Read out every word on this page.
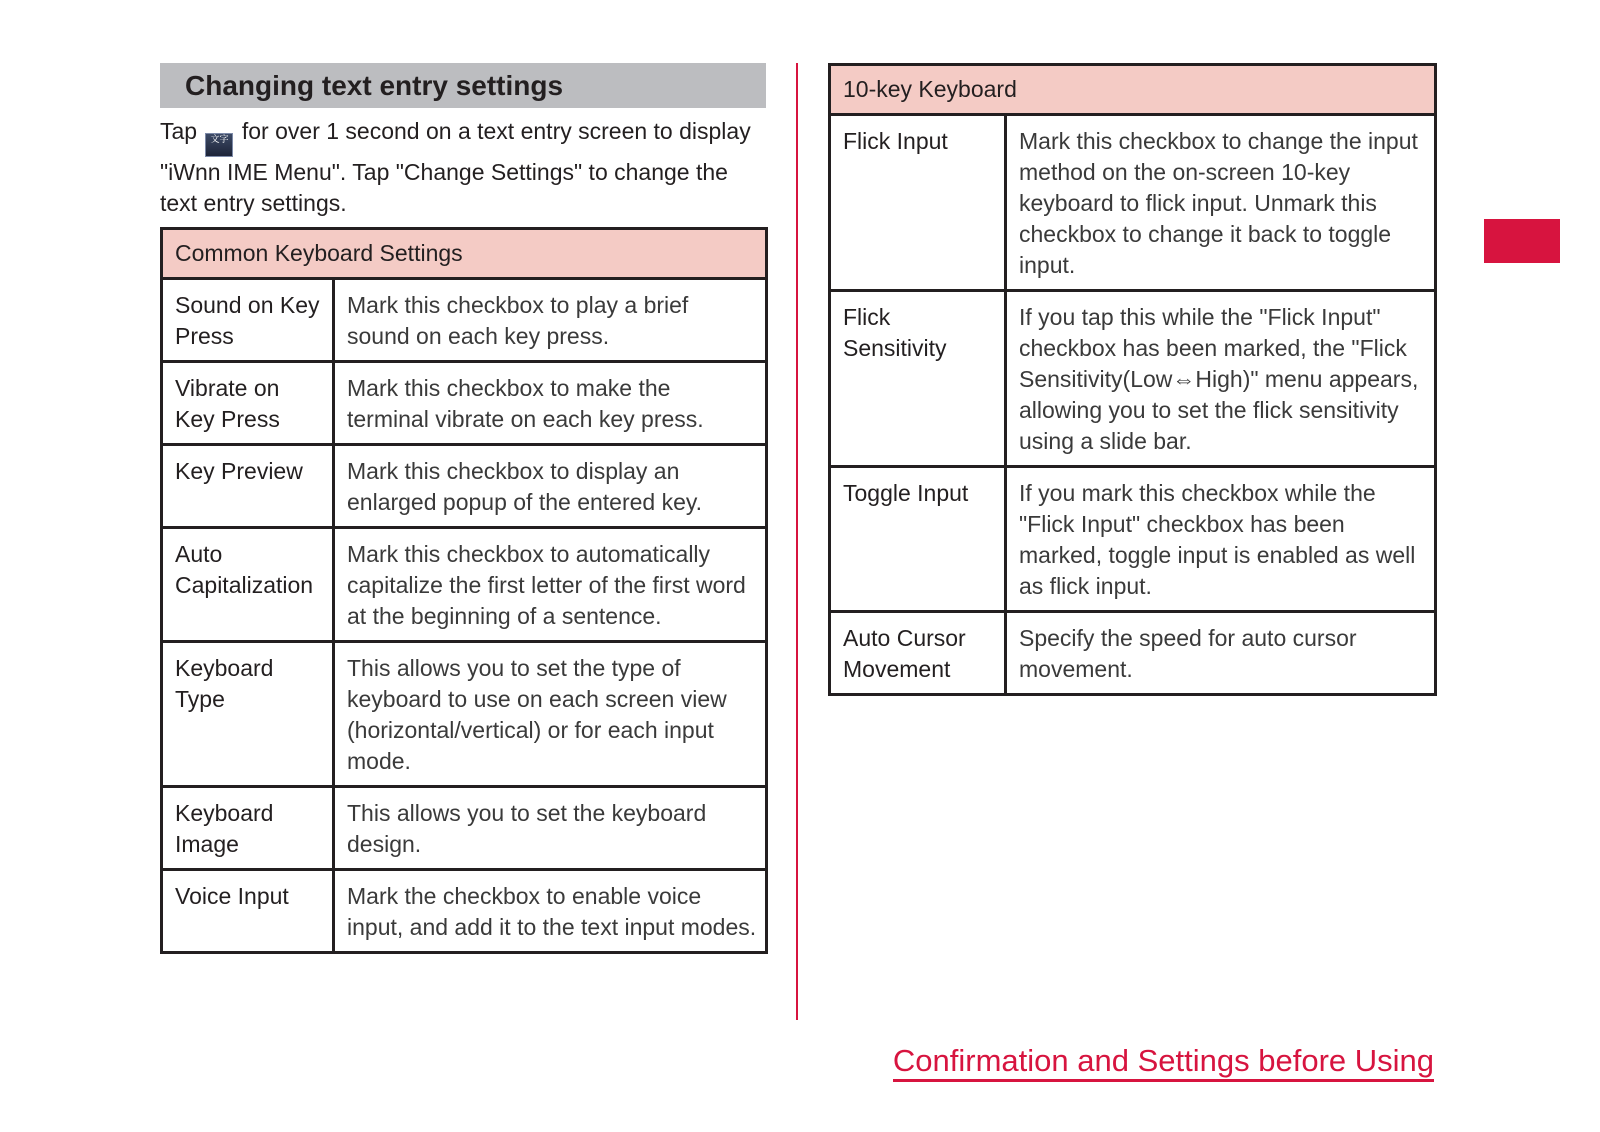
Changing text entry settings
Tap 文字 for over 1 second on a text entry screen to display "iWnn IME Menu". Tap "Change Settings" to change the text entry settings.
Common Keyboard Settings	
Sound on Key Press	Mark this checkbox to play a brief sound on each key press.
Vibrate on Key Press	Mark this checkbox to make the terminal vibrate on each key press.
Key Preview	Mark this checkbox to display an enlarged popup of the entered key.
Auto Capitalization	Mark this checkbox to automatically capitalize the first letter of the first word at the beginning of a sentence.
Keyboard Type	This allows you to set the type of keyboard to use on each screen view (horizontal/vertical) or for each input mode.
Keyboard Image	This allows you to set the keyboard design.
Voice Input	Mark the checkbox to enable voice input, and add it to the text input modes.
10-key Keyboard	
Flick Input	Mark this checkbox to change the input method on the on-screen 10-key keyboard to flick input. Unmark this checkbox to change it back to toggle input.
Flick Sensitivity	If you tap this while the "Flick Input" checkbox has been marked, the "Flick Sensitivity(Low⇔High)" menu appears, allowing you to set the flick sensitivity using a slide bar.
Toggle Input	If you mark this checkbox while the "Flick Input" checkbox has been marked, toggle input is enabled as well as flick input.
Auto Cursor Movement	Specify the speed for auto cursor movement.
Confirmation and Settings before Using
